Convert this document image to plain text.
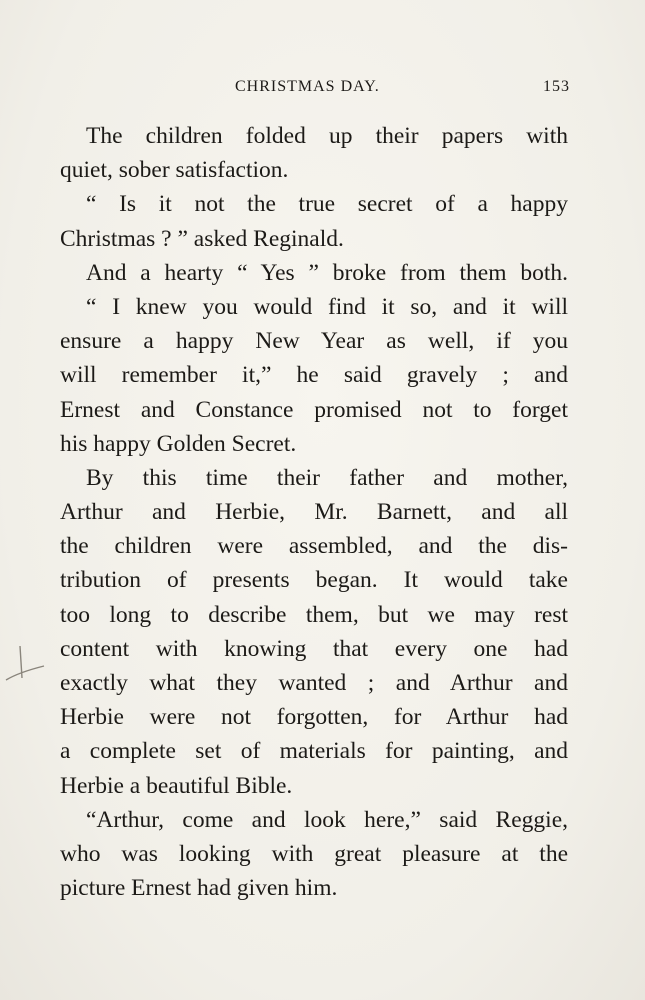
CHRISTMAS DAY.	153
The children folded up their papers with
quiet, sober satisfaction.
“ Is it not the true secret of a happy
Christmas ? ” asked Reginald.
And a hearty “ Yes ” broke from them both.
“ I knew you would find it so, and it will
ensure a happy New Year as well, if you
will remember it,” he said gravely ; and
Ernest and Constance promised not to forget
his happy Golden Secret.
By this time their father and mother,
Arthur and Herbie, Mr. Barnett, and all
the children were assembled, and the dis-
tribution of presents began. It would take
too long to describe them, but we may rest
content with knowing that every one had
exactly what they wanted ; and Arthur and
Herbie were not forgotten, for Arthur had
a complete set of materials for painting, and
Herbie a beautiful Bible.
“Arthur, come and look here,” said Reggie,
who was looking with great pleasure at the
picture Ernest had given him.
